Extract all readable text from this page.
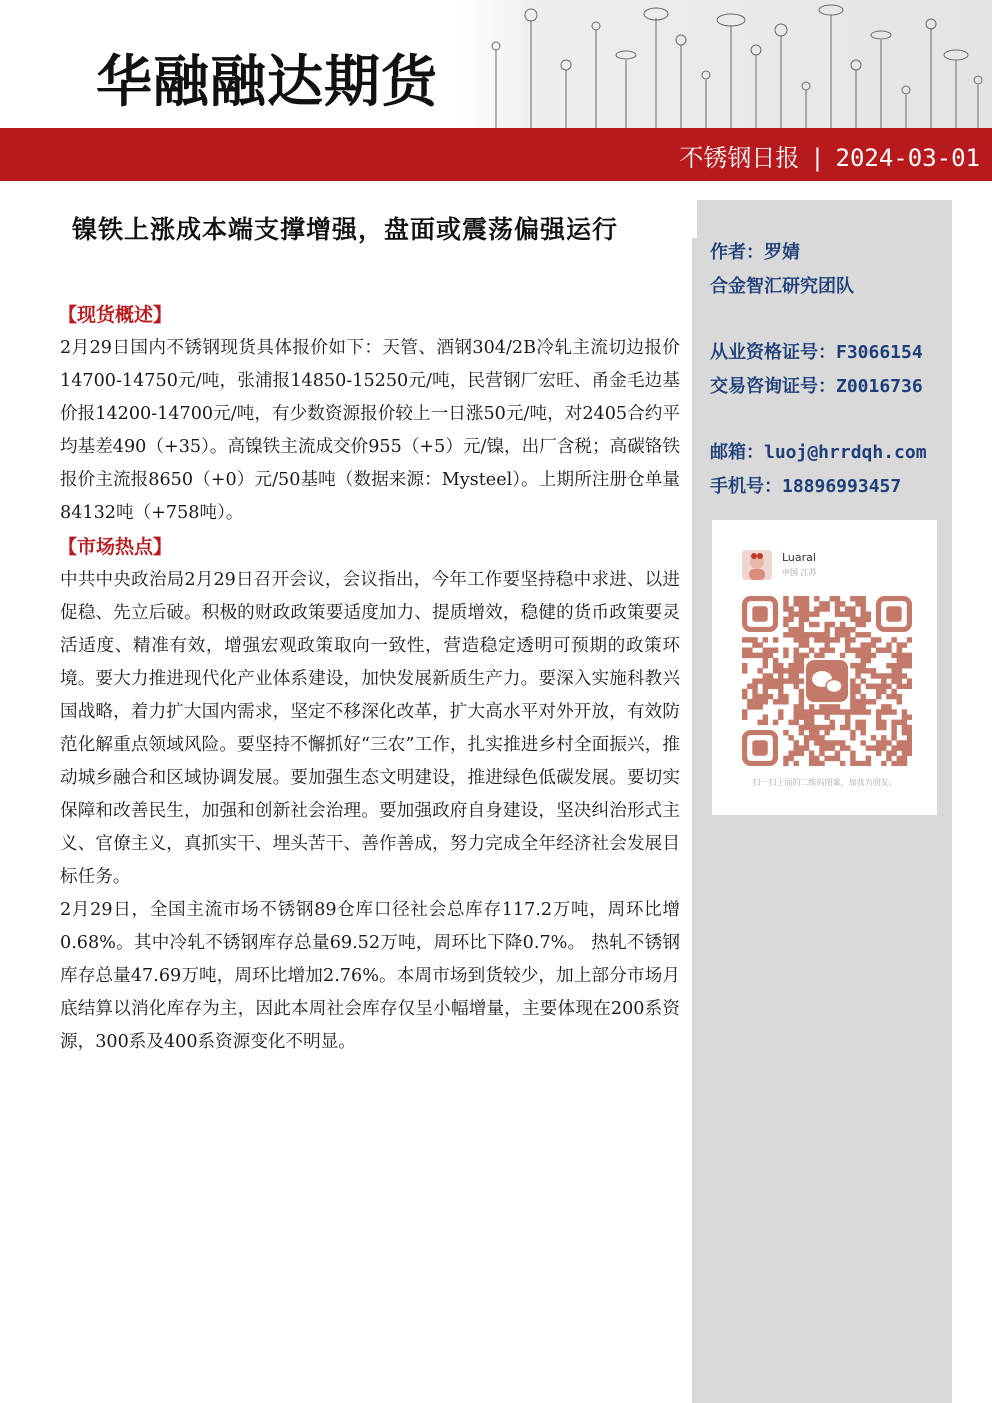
华融融达期货
不锈钢日报 | 2024-03-01
镍铁上涨成本端支撑增强，盘面或震荡偏强运行
【现货概述】

2月29日国内不锈钢现货具体报价如下：天管、酒钢304/2B冷轧主流切边报价14700-14750元/吨，张浦报14850-15250元/吨，民营钢厂宏旺、甬金毛边基价报14200-14700元/吨，有少数资源报价较上一日涨50元/吨，对2405合约平均基差490（+35）。高镍铁主流成交价955（+5）元/镍，出厂含税；高碳铬铁报价主流报8650（+0）元/50基吨（数据来源：Mysteel）。上期所注册仓单量84132吨（+758吨）。

【市场热点】

中共中央政治局2月29日召开会议，会议指出，今年工作要坚持稳中求进、以进促稳、先立后破。积极的财政政策要适度加力、提质增效，稳健的货币政策要灵活适度、精准有效，增强宏观政策取向一致性，营造稳定透明可预期的政策环境。要大力推进现代化产业体系建设，加快发展新质生产力。要深入实施科教兴国战略，着力扩大国内需求，坚定不移深化改革，扩大高水平对外开放，有效防范化解重点领域风险。要坚持不懈抓好“三农”工作，扎实推进乡村全面振兴，推动城乡融合和区域协调发展。要加强生态文明建设，推进绿色低碳发展。要切实保障和改善民生，加强和创新社会治理。要加强政府自身建设，坚决纠治形式主义、官僚主义，真抓实干、埋头苦干、善作善成，努力完成全年经济社会发展目标任务。

2月29日，全国主流市场不锈钢89仓库口径社会总库存117.2万吨，周环比增0.68%。其中冷轧不锈钢库存总量69.52万吨，周环比下降0.7%。 热轧不锈钢库存总量47.69万吨，周环比增加2.76%。本周市场到货较少，加上部分市场月底结算以消化库存为主，因此本周社会库存仅呈小幅增量，主要体现在200系资源，300系及400系资源变化不明显。

作者：罗婧
合金智汇研究团队
从业资格证号：F3066154
交易咨询证号：Z0016736
邮箱：luoj@hrrdqh.com
手机号：18896993457
Luaral
中国 江苏
扫一扫上面的二维码图案，加我为朋友。
